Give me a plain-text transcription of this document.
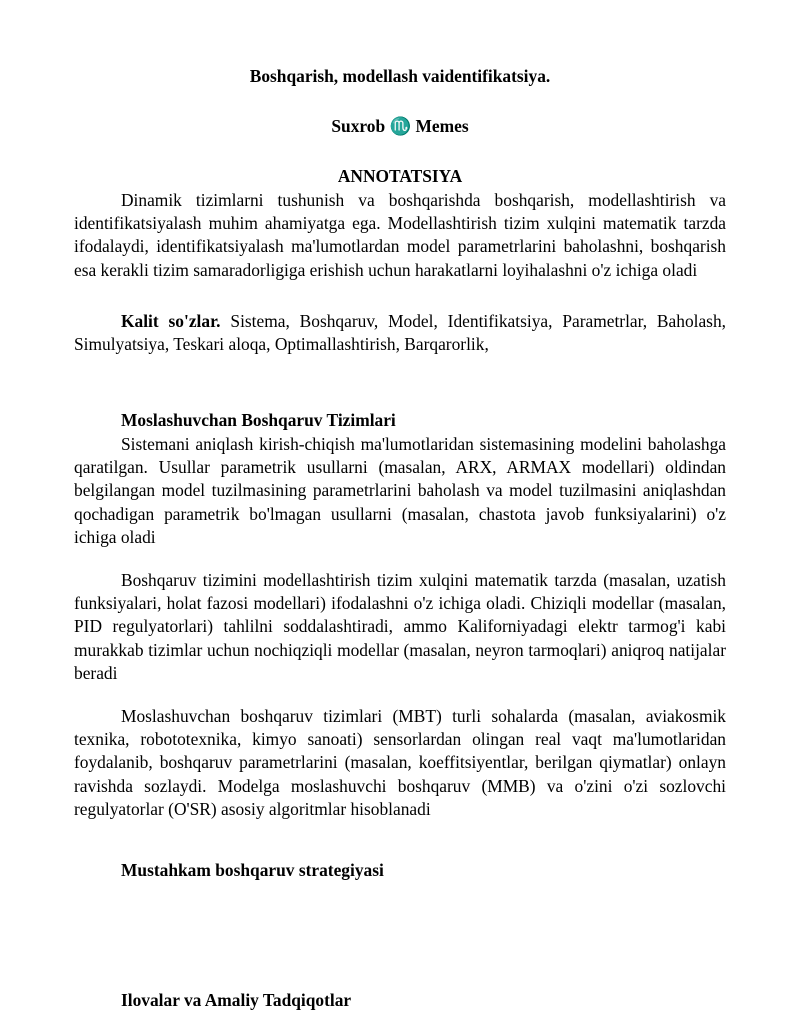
Boshqarish, modellash vaidentifikatsiya.
Suxrob ♏ Memes
ANNOTATSIYA

Dinamik tizimlarni tushunish va boshqarishda boshqarish, modellashtirish va identifikatsiyalash muhim ahamiyatga ega. Modellashtirish tizim xulqini matematik tarzda ifodalaydi, identifikatsiyalash ma'lumotlardan model parametrlarini baholashni, boshqarish esa kerakli tizim samaradorligiga erishish uchun harakatlarni loyihalashni o'z ichiga oladi

Kalit so'zlar. Sistema, Boshqaruv, Model, Identifikatsiya, Parametrlar, Baholash, Simulyatsiya, Teskari aloqa, Optimallashtirish, Barqarorlik,

Moslashuvchan Boshqaruv Tizimlari

Sistemani aniqlash kirish-chiqish ma'lumotlaridan sistemasining modelini baholashga qaratilgan. Usullar parametrik usullarni (masalan, ARX, ARMAX modellari) oldindan belgilangan model tuzilmasining parametrlarini baholash va model tuzilmasini aniqlashdan qochadigan parametrik bo'lmagan usullarni (masalan, chastota javob funksiyalarini) o'z ichiga oladi

Boshqaruv tizimini modellashtirish tizim xulqini matematik tarzda (masalan, uzatish funksiyalari, holat fazosi modellari) ifodalashni o'z ichiga oladi. Chiziqli modellar (masalan, PID regulyatorlari) tahlilni soddalashtiradi, ammo Kaliforniyadagi elektr tarmog'i kabi murakkab tizimlar uchun nochiqziqli modellar (masalan, neyron tarmoqlari) aniqroq natijalar beradi

Moslashuvchan boshqaruv tizimlari (MBT) turli sohalarda (masalan, aviakosmik texnika, robototexnika, kimyo sanoati) sensorlardan olingan real vaqt ma'lumotlaridan foydalanib, boshqaruv parametrlarini (masalan, koeffitsiyentlar, berilgan qiymatlar) onlayn ravishda sozlaydi. Modelga moslashuvchi boshqaruv (MMB) va o'zini o'zi sozlovchi regulyatorlar (O'SR) asosiy algoritmlar hisoblanadi

Mustahkam boshqaruv strategiyasi
Ilovalar va Amaliy Tadqiqotlar
